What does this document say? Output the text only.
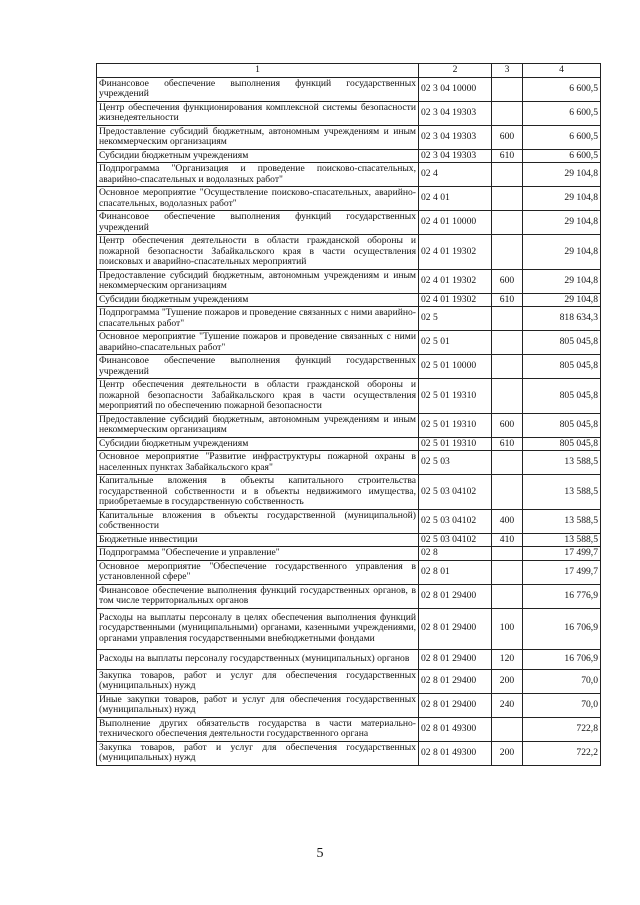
1	2	3	4
Финансовое обеспечение выполнения функций государственных учреждений	02 3 04 10000		6 600,5
Центр обеспечения функционирования комплексной системы безопасности жизнедеятельности	02 3 04 19303		6 600,5
Предоставление субсидий бюджетным, автономным учреждениям и иным некоммерческим организациям	02 3 04 19303	600	6 600,5
Субсидии бюджетным учреждениям	02 3 04 19303	610	6 600,5
Подпрограмма "Организация и проведение поисково-спасательных, аварийно-спасательных и водолазных работ"	02 4		29 104,8
Основное мероприятие "Осуществление поисково-спасательных, аварийно-спасательных, водолазных работ"	02 4 01		29 104,8
Финансовое обеспечение выполнения функций государственных учреждений	02 4 01 10000		29 104,8
Центр обеспечения деятельности в области гражданской обороны и пожарной безопасности Забайкальского края в части осуществления поисковых и аварийно-спасательных мероприятий	02 4 01 19302		29 104,8
Предоставление субсидий бюджетным, автономным учреждениям и иным некоммерческим организациям	02 4 01 19302	600	29 104,8
Субсидии бюджетным учреждениям	02 4 01 19302	610	29 104,8
Подпрограмма "Тушение пожаров и проведение связанных с ними аварийно-спасательных работ"	02 5		818 634,3
Основное мероприятие "Тушение пожаров и проведение связанных с ними аварийно-спасательных работ"	02 5 01		805 045,8
Финансовое обеспечение выполнения функций государственных учреждений	02 5 01 10000		805 045,8
Центр обеспечения деятельности в области гражданской обороны и пожарной безопасности Забайкальского края в части осуществления мероприятий по обеспечению пожарной безопасности	02 5 01 19310		805 045,8
Предоставление субсидий бюджетным, автономным учреждениям и иным некоммерческим организациям	02 5 01 19310	600	805 045,8
Субсидии бюджетным учреждениям	02 5 01 19310	610	805 045,8
Основное мероприятие "Развитие инфраструктуры пожарной охраны в населенных пунктах Забайкальского края"	02 5 03		13 588,5
Капитальные вложения в объекты капитального строительства государственной собственности и в объекты недвижимого имущества, приобретаемые в государственную собственность	02 5 03 04102		13 588,5
Капитальные вложения в объекты государственной (муниципальной) собственности	02 5 03 04102	400	13 588,5
Бюджетные инвестиции	02 5 03 04102	410	13 588,5
Подпрограмма "Обеспечение и управление"	02 8		17 499,7
Основное мероприятие "Обеспечение государственного управления в установленной сфере"	02 8 01		17 499,7
Финансовое обеспечение выполнения функций государственных органов, в том числе территориальных органов	02 8 01 29400		16 776,9
Расходы на выплаты персоналу в целях обеспечения выполнения функций государственными (муниципальными) органами, казенными учреждениями, органами управления государственными внебюджетными фондами	02 8 01 29400	100	16 706,9
Расходы на выплаты персоналу государственных (муниципальных) органов	02 8 01 29400	120	16 706,9
Закупка товаров, работ и услуг для обеспечения государственных (муниципальных) нужд	02 8 01 29400	200	70,0
Иные закупки товаров, работ и услуг для обеспечения государственных (муниципальных) нужд	02 8 01 29400	240	70,0
Выполнение других обязательств государства в части материально-технического обеспечения деятельности государственного органа	02 8 01 49300		722,8
Закупка товаров, работ и услуг для обеспечения государственных (муниципальных) нужд	02 8 01 49300	200	722,2
5
